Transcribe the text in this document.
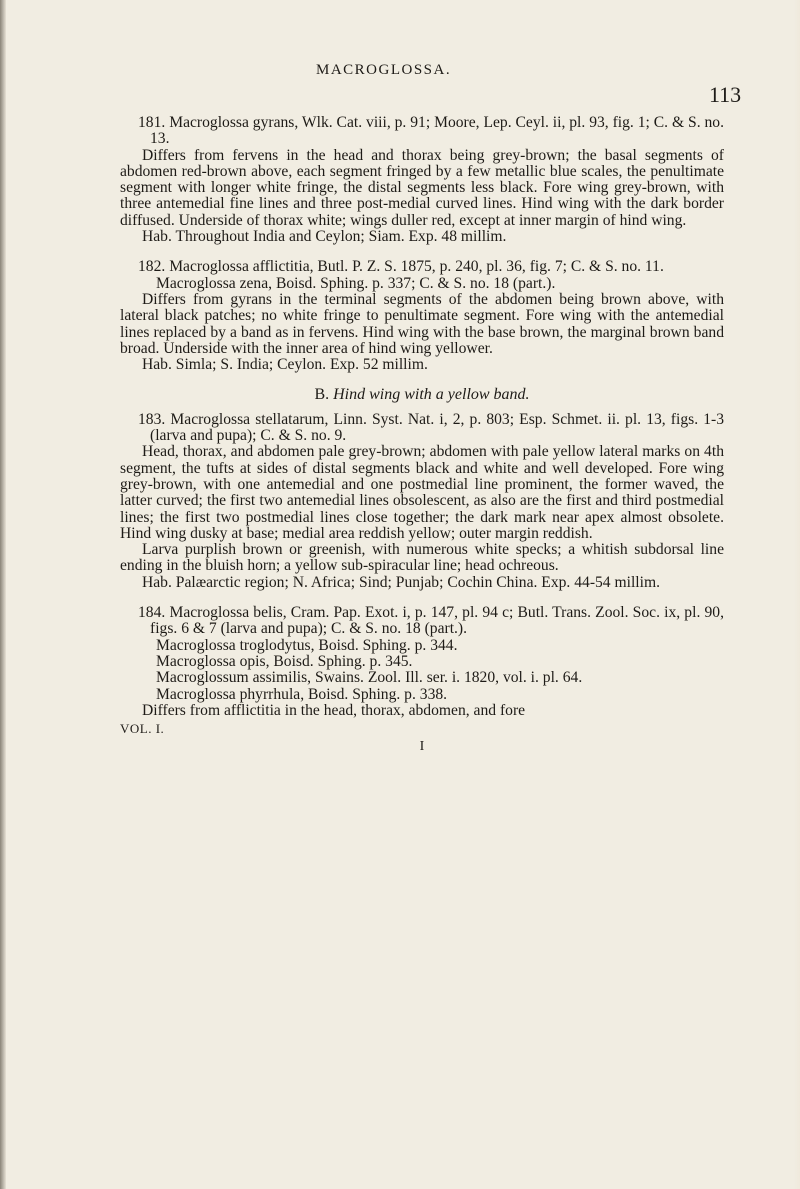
MACROGLOSSA.
113

181. Macroglossa gyrans, Wlk. Cat. viii, p. 91; Moore, Lep. Ceyl. ii, pl. 93, fig. 1; C. & S. no. 13.

Differs from fervens in the head and thorax being grey-brown; the basal segments of abdomen red-brown above, each segment fringed by a few metallic blue scales, the penultimate segment with longer white fringe, the distal segments less black. Fore wing grey-brown, with three antemedial fine lines and three post-medial curved lines. Hind wing with the dark border diffused. Underside of thorax white; wings duller red, except at inner margin of hind wing.

Hab. Throughout India and Ceylon; Siam. Exp. 48 millim.

182. Macroglossa afflictitia, Butl. P. Z. S. 1875, p. 240, pl. 36, fig. 7; C. & S. no. 11.

Macroglossa zena, Boisd. Sphing. p. 337; C. & S. no. 18 (part.).

Differs from gyrans in the terminal segments of the abdomen being brown above, with lateral black patches; no white fringe to penultimate segment. Fore wing with the antemedial lines replaced by a band as in fervens. Hind wing with the base brown, the marginal brown band broad. Underside with the inner area of hind wing yellower.

Hab. Simla; S. India; Ceylon. Exp. 52 millim.

B. Hind wing with a yellow band.

183. Macroglossa stellatarum, Linn. Syst. Nat. i, 2, p. 803; Esp. Schmet. ii. pl. 13, figs. 1-3 (larva and pupa); C. & S. no. 9.

Head, thorax, and abdomen pale grey-brown; abdomen with pale yellow lateral marks on 4th segment, the tufts at sides of distal segments black and white and well developed. Fore wing grey-brown, with one antemedial and one postmedial line prominent, the former waved, the latter curved; the first two antemedial lines obsolescent, as also are the first and third postmedial lines; the first two postmedial lines close together; the dark mark near apex almost obsolete. Hind wing dusky at base; medial area reddish yellow; outer margin reddish.

Larva purplish brown or greenish, with numerous white specks; a whitish subdorsal line ending in the bluish horn; a yellow sub-spiracular line; head ochreous.

Hab. Palæarctic region; N. Africa; Sind; Punjab; Cochin China. Exp. 44-54 millim.

184. Macroglossa belis, Cram. Pap. Exot. i, p. 147, pl. 94 c; Butl. Trans. Zool. Soc. ix, pl. 90, figs. 6 & 7 (larva and pupa); C. & S. no. 18 (part.).

Macroglossa troglodytus, Boisd. Sphing. p. 344.

Macroglossa opis, Boisd. Sphing. p. 345.

Macroglossum assimilis, Swains. Zool. Ill. ser. i. 1820, vol. i. pl. 64.

Macroglossa phyrrhula, Boisd. Sphing. p. 338.

Differs from afflictitia in the head, thorax, abdomen, and fore

VOL. I.
I
